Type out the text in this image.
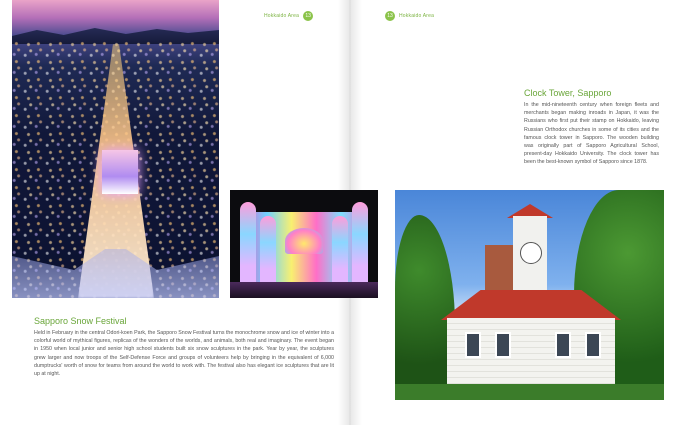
Hokkaido Area	13	13	Hokkaido Area
Sapporo Snow Festival

Held in February in the central Odori-koen Park, the Sapporo Snow Festival turns the monochrome snow and ice of winter into a colorful world of mythical figures, replicas of the wonders of the worlds, and animals, both real and imaginary. The event began in 1950 when local junior and senior high school students built six snow sculptures in the park. Year by year, the sculptures grew larger and now troops of the Self-Defense Force and groups of volunteers help by bringing in the equivalent of 6,000 dumptrucks' worth of snow for teams from around the world to work with. The festival also has elegant ice sculptures that are lit up at night.

Clock Tower, Sapporo

In the mid-nineteenth century when foreign fleets and merchants began making inroads in Japan, it was the Russians who first put their stamp on Hokkaido, leaving Russian Orthodox churches in some of its cities and the famous clock tower in Sapporo. The wooden building was originally part of Sapporo Agricultural School, present-day Hokkaido University. The clock tower has been the best-known symbol of Sapporo since 1878.
